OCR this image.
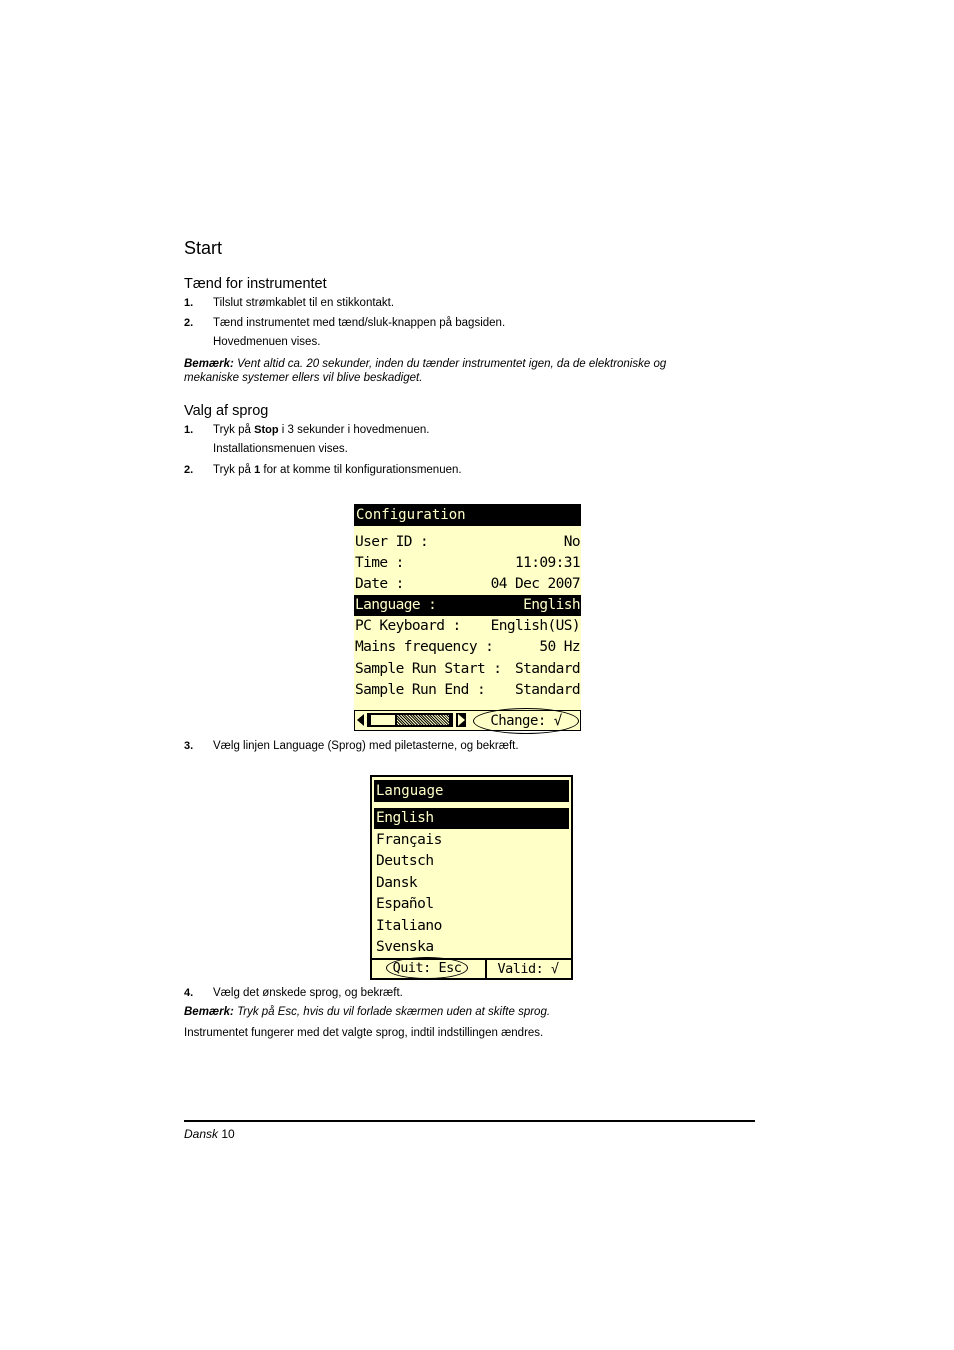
Start
Tænd for instrumentet
1. Tilslut strømkablet til en stikkontakt.
2. Tænd instrumentet med tænd/sluk-knappen på bagsiden.
Hovedmenuen vises.
Bemærk: Vent altid ca. 20 sekunder, inden du tænder instrumentet igen, da de elektroniske og
mekaniske systemer ellers vil blive beskadiget.
Valg af sprog
1. Tryk på Stop i 3 sekunder i hovedmenuen.
Installationsmenuen vises.
2. Tryk på 1 for at komme til konfigurationsmenuen.
Configuration
User ID :	No
Time :	11:09:31
Date :	04 Dec 2007
Language :	English
PC Keyboard : English(US)
Mains frequency :	50 Hz
Sample Run Start : Standard
Sample Run End : Standard
Change: √
3. Vælg linjen Language (Sprog) med piletasterne, og bekræft.
Language
English
Français
Deutsch
Dansk
Español
Italiano
Svenska
Quit: Esc	Valid: √
4. Vælg det ønskede sprog, og bekræft.
Bemærk: Tryk på Esc, hvis du vil forlade skærmen uden at skifte sprog.
Instrumentet fungerer med det valgte sprog, indtil indstillingen ændres.
Dansk 10
